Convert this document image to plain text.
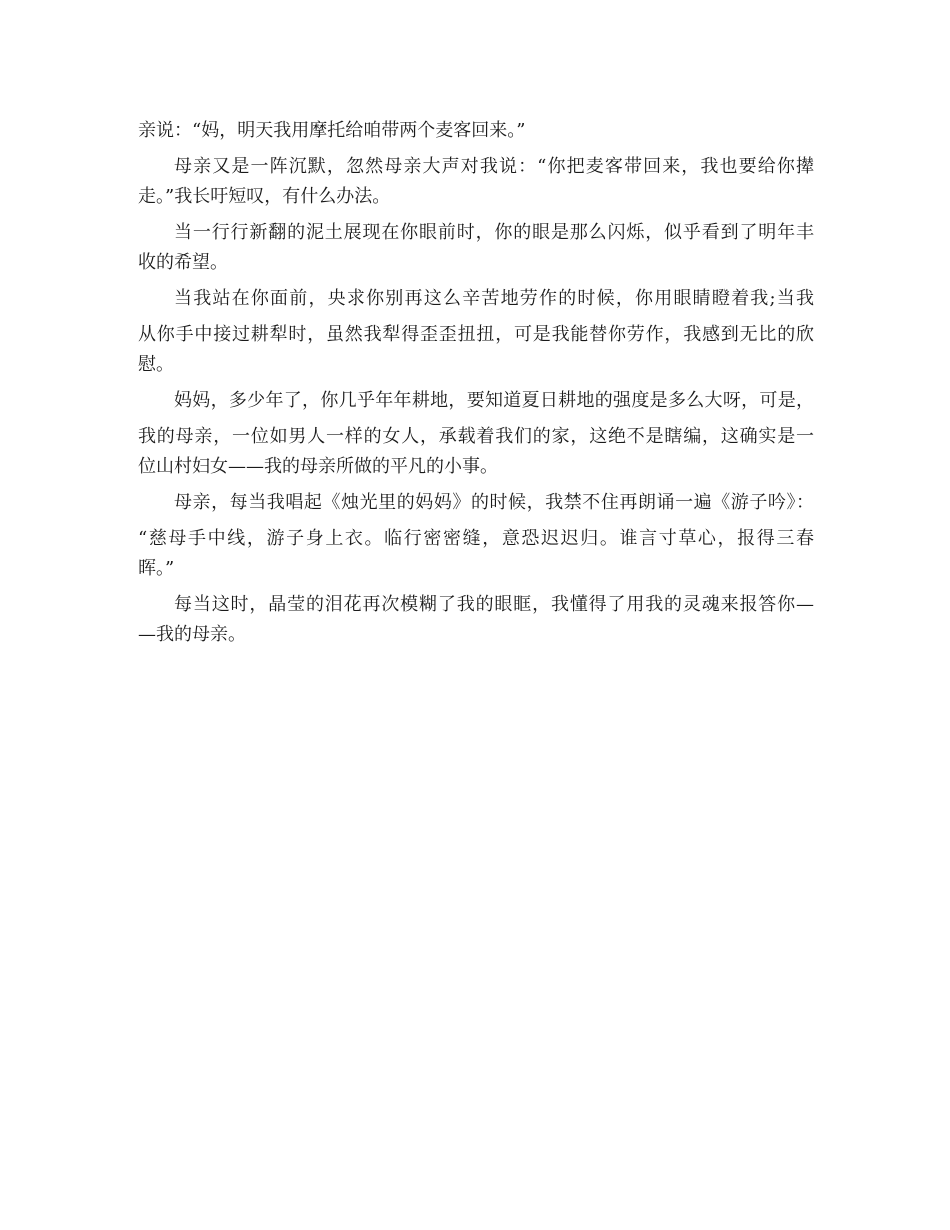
亲说：“妈，明天我用摩托给咱带两个麦客回来。”
母亲又是一阵沉默，忽然母亲大声对我说：“你把麦客带回来，我也要给你撵
走。”我长吁短叹，有什么办法。
当一行行新翻的泥土展现在你眼前时，你的眼是那么闪烁，似乎看到了明年丰
收的希望。
当我站在你面前，央求你别再这么辛苦地劳作的时候，你用眼睛瞪着我;当我
从你手中接过耕犁时，虽然我犁得歪歪扭扭，可是我能替你劳作，我感到无比的欣
慰。
妈妈，多少年了，你几乎年年耕地，要知道夏日耕地的强度是多么大呀，可是，
我的母亲，一位如男人一样的女人，承载着我们的家，这绝不是瞎编，这确实是一
位山村妇女——我的母亲所做的平凡的小事。
母亲，每当我唱起《烛光里的妈妈》的时候，我禁不住再朗诵一遍《游子吟》：
“慈母手中线，游子身上衣。临行密密缝，意恐迟迟归。谁言寸草心，报得三春
晖。”
每当这时，晶莹的泪花再次模糊了我的眼眶，我懂得了用我的灵魂来报答你—
—我的母亲。
